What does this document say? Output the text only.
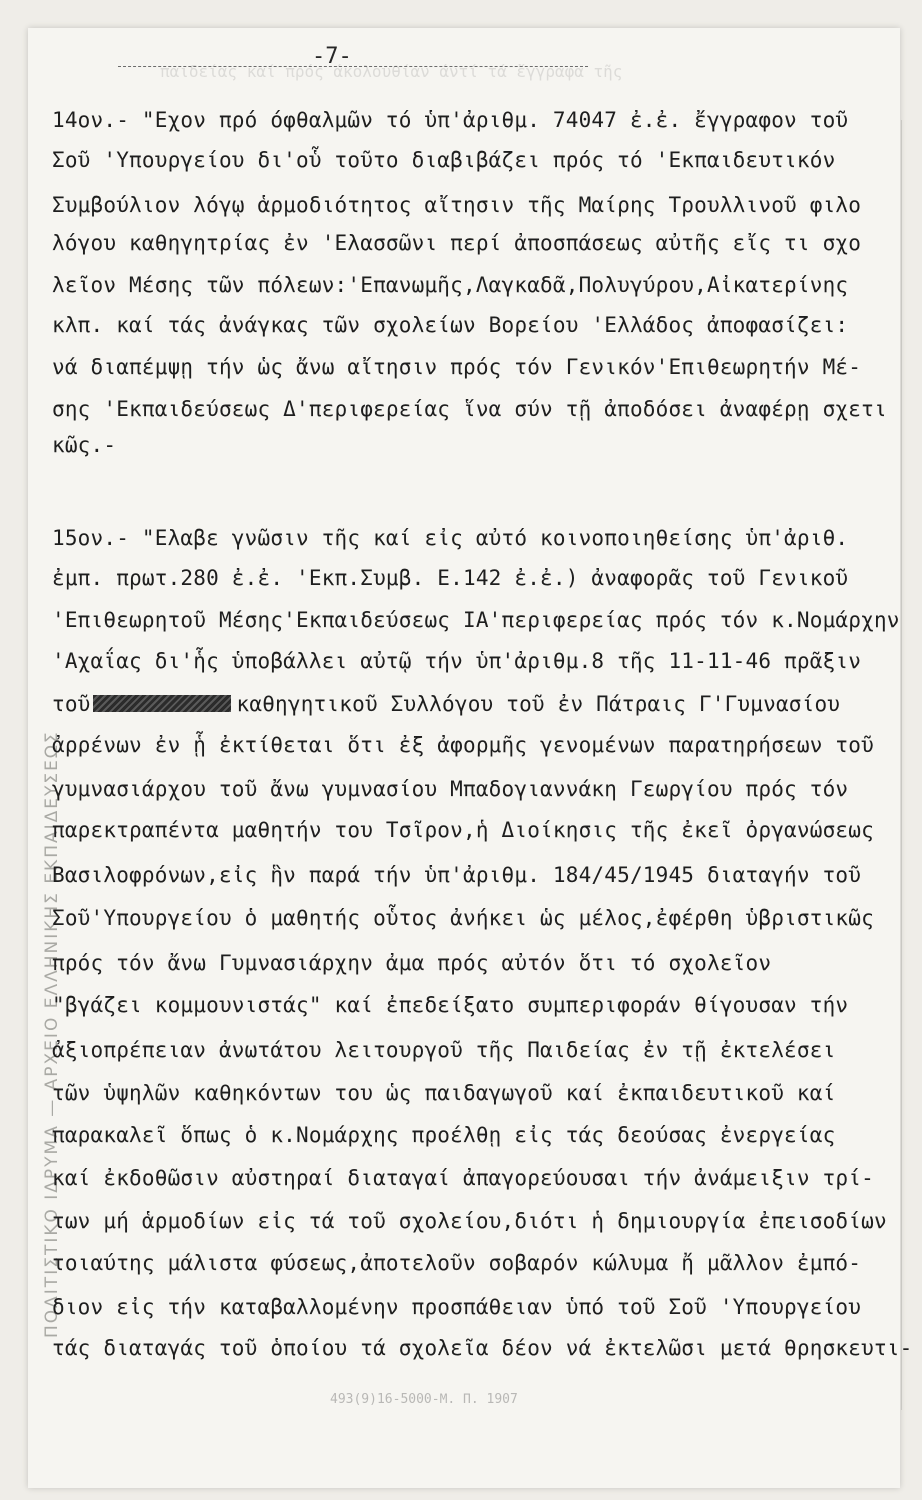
ΠΟΛΙΤΙΣΤΙΚΟ ΙΔΡΥΜΑ — ΑΡΧΕΙΟ ΕΛΛΗΝΙΚΗΣ ΕΚΠΑΙΔΕΥΣΕΩΣ
παιδείας καί πρός άκολουθίαν άντί τά ἔγγραφα τῆς
-7-
14ον.- "Εχον πρό όφθαλμῶν τό ὑπ'ἀριθμ. 74047 ἐ.ἐ. ἔγγραφον τοῦ
Σοῦ 'Υπουργείου δι'οὗ τοῦτο διαβιβάζει πρός τό 'Εκπαιδευτικόν
Συμβούλιον λόγῳ ἁρμοδιότητος αἴτησιν τῆς Μαίρης Τρουλλινοῦ φιλο
λόγου καθηγητρίας ἐν 'Ελασσῶνι περί ἀποσπάσεως αὐτῆς εἴς τι σχο
λεῖον Μέσης τῶν πόλεων:'Επανωμῆς,Λαγκαδᾶ,Πολυγύρου,Αἰκατερίνης
κλπ. καί τάς ἀνάγκας τῶν σχολείων Βορείου 'Ελλάδος ἀποφασίζει:
νά διαπέμψῃ τήν ὡς ἄνω αἴτησιν πρός τόν Γενικόν'Επιθεωρητήν Μέ-
σης 'Εκπαιδεύσεως Δ'περιφερείας ἵνα σύν τῇ ἀποδόσει ἀναφέρῃ σχετι
κῶς.-
15ον.- "Ελαβε γνῶσιν τῆς καί εἰς αὐτό κοινοποιηθείσης ὑπ'ἀριθ.
ἐμπ. πρωτ.280 ἐ.ἐ. 'Εκπ.Συμβ. Ε.142 ἐ.ἐ.) ἀναφορᾶς τοῦ Γενικοῦ
'Επιθεωρητοῦ Μέσης'Εκπαιδεύσεως ΙΑ'περιφερείας πρός τόν κ.Νομάρχην
'Αχαΐας δι'ἧς ὑποβάλλει αὐτῷ τήν ὑπ'ἀριθμ.8 τῆς 11-11-46 πρᾶξιν
τοῦ	καθηγητικοῦ Συλλόγου τοῦ ἐν Πάτραις Γ'Γυμνασίου
ἀρρένων ἐν ᾗ ἐκτίθεται ὅτι ἐξ ἀφορμῆς γενομένων παρατηρήσεων τοῦ
γυμνασιάρχου τοῦ ἄνω γυμνασίου Μπαδογιαννάκη Γεωργίου πρός τόν
παρεκτραπέντα μαθητήν του Τσῖρον,ἡ Διοίκησις τῆς ἐκεῖ ὀργανώσεως
Βασιλοφρόνων,εἰς ἣν παρά τήν ὑπ'ἀριθμ. 184/45/1945 διαταγήν τοῦ
Σοῦ'Υπουργείου ὁ μαθητής οὗτος ἀνήκει ὡς μέλος,ἐφέρθη ὑβριστικῶς
πρός τόν ἄνω Γυμνασιάρχην ἀμα πρός αὐτόν ὅτι τό σχολεῖον
"βγάζει κομμουνιστάς" καί ἐπεδείξατο συμπεριφοράν θίγουσαν τήν
ἀξιοπρέπειαν ἀνωτάτου λειτουργοῦ τῆς Παιδείας ἐν τῇ ἐκτελέσει
τῶν ὑψηλῶν καθηκόντων του ὡς παιδαγωγοῦ καί ἐκπαιδευτικοῦ καί
παρακαλεῖ ὅπως ὁ κ.Νομάρχης προέλθῃ εἰς τάς δεούσας ἐνεργείας
καί ἐκδοθῶσιν αὐστηραί διαταγαί ἀπαγορεύουσαι τήν ἀνάμειξιν τρί-
των μή ἁρμοδίων εἰς τά τοῦ σχολείου,διότι ἡ δημιουργία ἐπεισοδίων
τοιαύτης μάλιστα φύσεως,ἀποτελοῦν σοβαρόν κώλυμα ἤ μᾶλλον ἐμπό-
διον εἰς τήν καταβαλλομένην προσπάθειαν ὑπό τοῦ Σοῦ 'Υπουργείου
τάς διαταγάς τοῦ ὁποίου τά σχολεῖα δέον νά ἐκτελῶσι μετά θρησκευτι-
493(9)16-5000-Μ. Π. 1907
